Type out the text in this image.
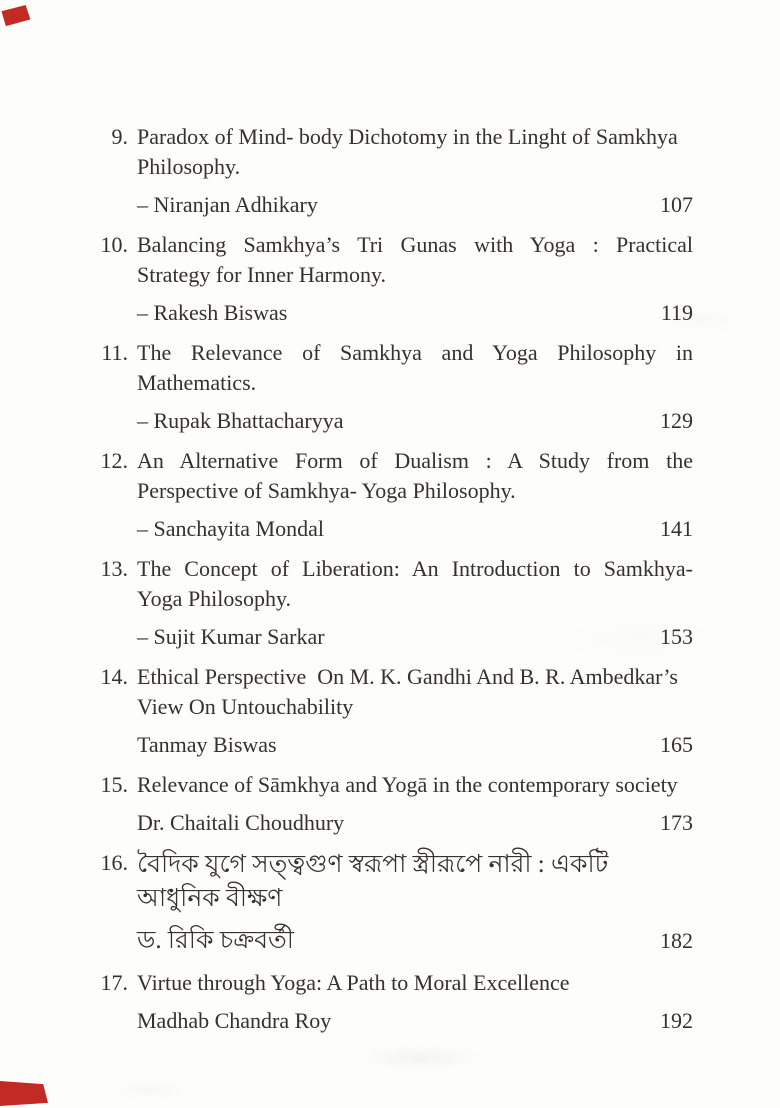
9. Paradox of Mind- body Dichotomy in the Linght of Samkhya
Philosophy.
– Niranjan Adhikary	107
10. Balancing Samkhya’s Tri Gunas with Yoga : Practical
Strategy for Inner Harmony.
– Rakesh Biswas	119
11. The Relevance of Samkhya and Yoga Philosophy in
Mathematics.
– Rupak Bhattacharyya	129
12. An Alternative Form of Dualism : A Study from the
Perspective of Samkhya- Yoga Philosophy.
– Sanchayita Mondal	141
13. The Concept of Liberation: An Introduction to Samkhya-
Yoga Philosophy.
– Sujit Kumar Sarkar	153
14. Ethical Perspective  On M. K. Gandhi And B. R. Ambedkar’s
View On Untouchability
Tanmay Biswas	165
15. Relevance of Sāmkhya and Yogā in the contemporary society
Dr. Chaitali Choudhury	173
16. বৈদিক যুগে সত্ত্বগুণ স্বরূপা স্ত্রীরূপে নারী : একটি আধুনিক বীক্ষণ
ড. রিকি চক্রবর্তী	182
17. Virtue through Yoga: A Path to Moral Excellence
Madhab Chandra Roy	192
